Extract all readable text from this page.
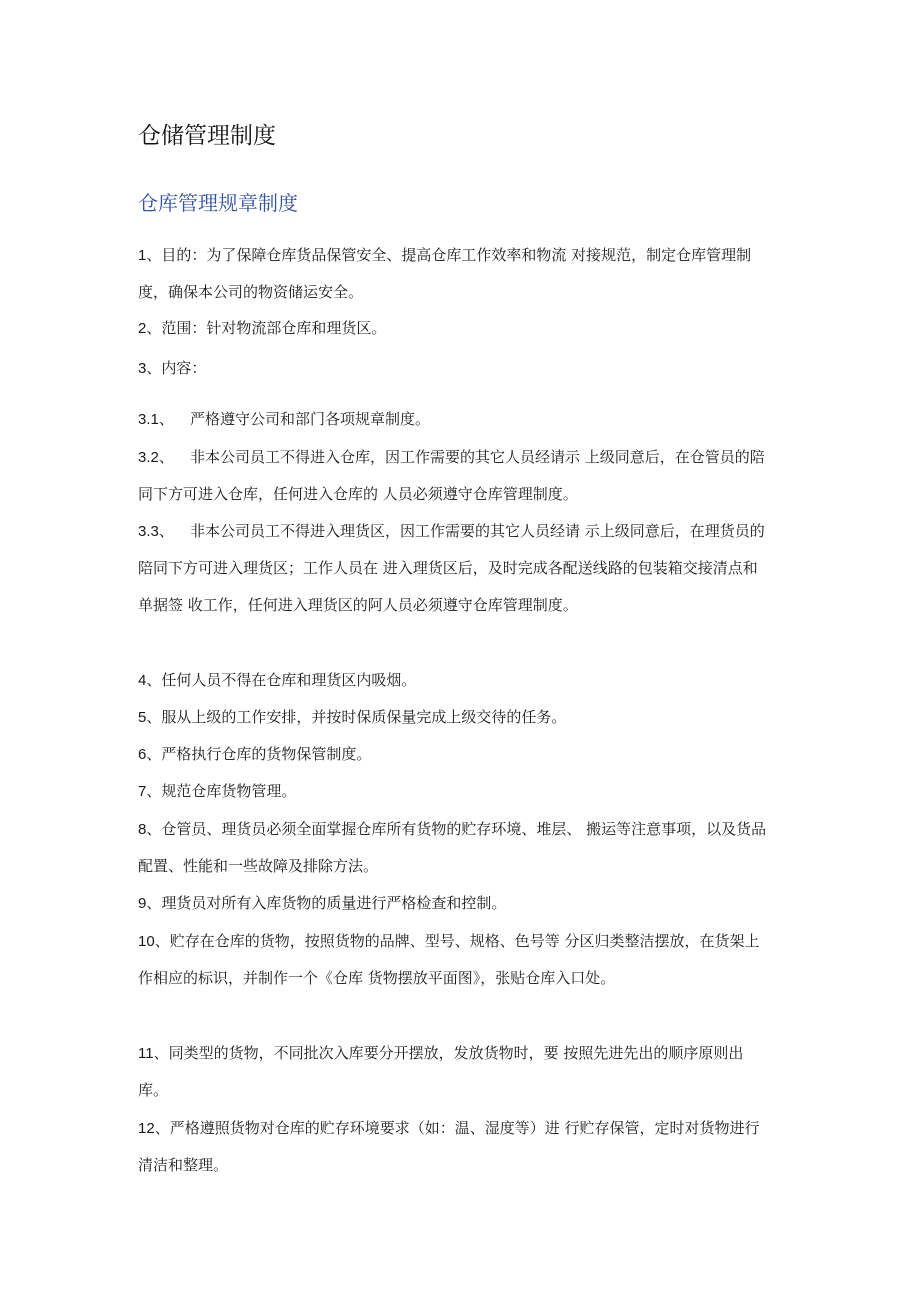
仓储管理制度
仓库管理规章制度
1、目的：为了保障仓库货品保管安全、提高仓库工作效率和物流 对接规范，制定仓库管理制度，确保本公司的物资储运安全。
2、范围：针对物流部仓库和理货区。
3、内容：
3.1、 严格遵守公司和部门各项规章制度。
3.2、 非本公司员工不得进入仓库，因工作需要的其它人员经请示 上级同意后，在仓管员的陪同下方可进入仓库，任何进入仓库的 人员必须遵守仓库管理制度。
3.3、 非本公司员工不得进入理货区，因工作需要的其它人员经请 示上级同意后，在理货员的陪同下方可进入理货区；工作人员在 进入理货区后，及时完成各配送线路的包装箱交接清点和单据签 收工作，任何进入理货区的阿人员必须遵守仓库管理制度。
4、任何人员不得在仓库和理货区内吸烟。
5、服从上级的工作安排，并按时保质保量完成上级交待的任务。
6、严格执行仓库的货物保管制度。
7、规范仓库货物管理。
8、仓管员、理货员必须全面掌握仓库所有货物的贮存环境、堆层、 搬运等注意事项，以及货品配置、性能和一些故障及排除方法。
9、理货员对所有入库货物的质量进行严格检查和控制。
10、贮存在仓库的货物，按照货物的品牌、型号、规格、色号等 分区归类整洁摆放，在货架上作相应的标识，并制作一个《仓库 货物摆放平面图》，张贴仓库入口处。
11、同类型的货物，不同批次入库要分开摆放，发放货物时，要 按照先进先出的顺序原则出库。
12、严格遵照货物对仓库的贮存环境要求（如：温、湿度等）进 行贮存保管，定时对货物进行清洁和整理。
